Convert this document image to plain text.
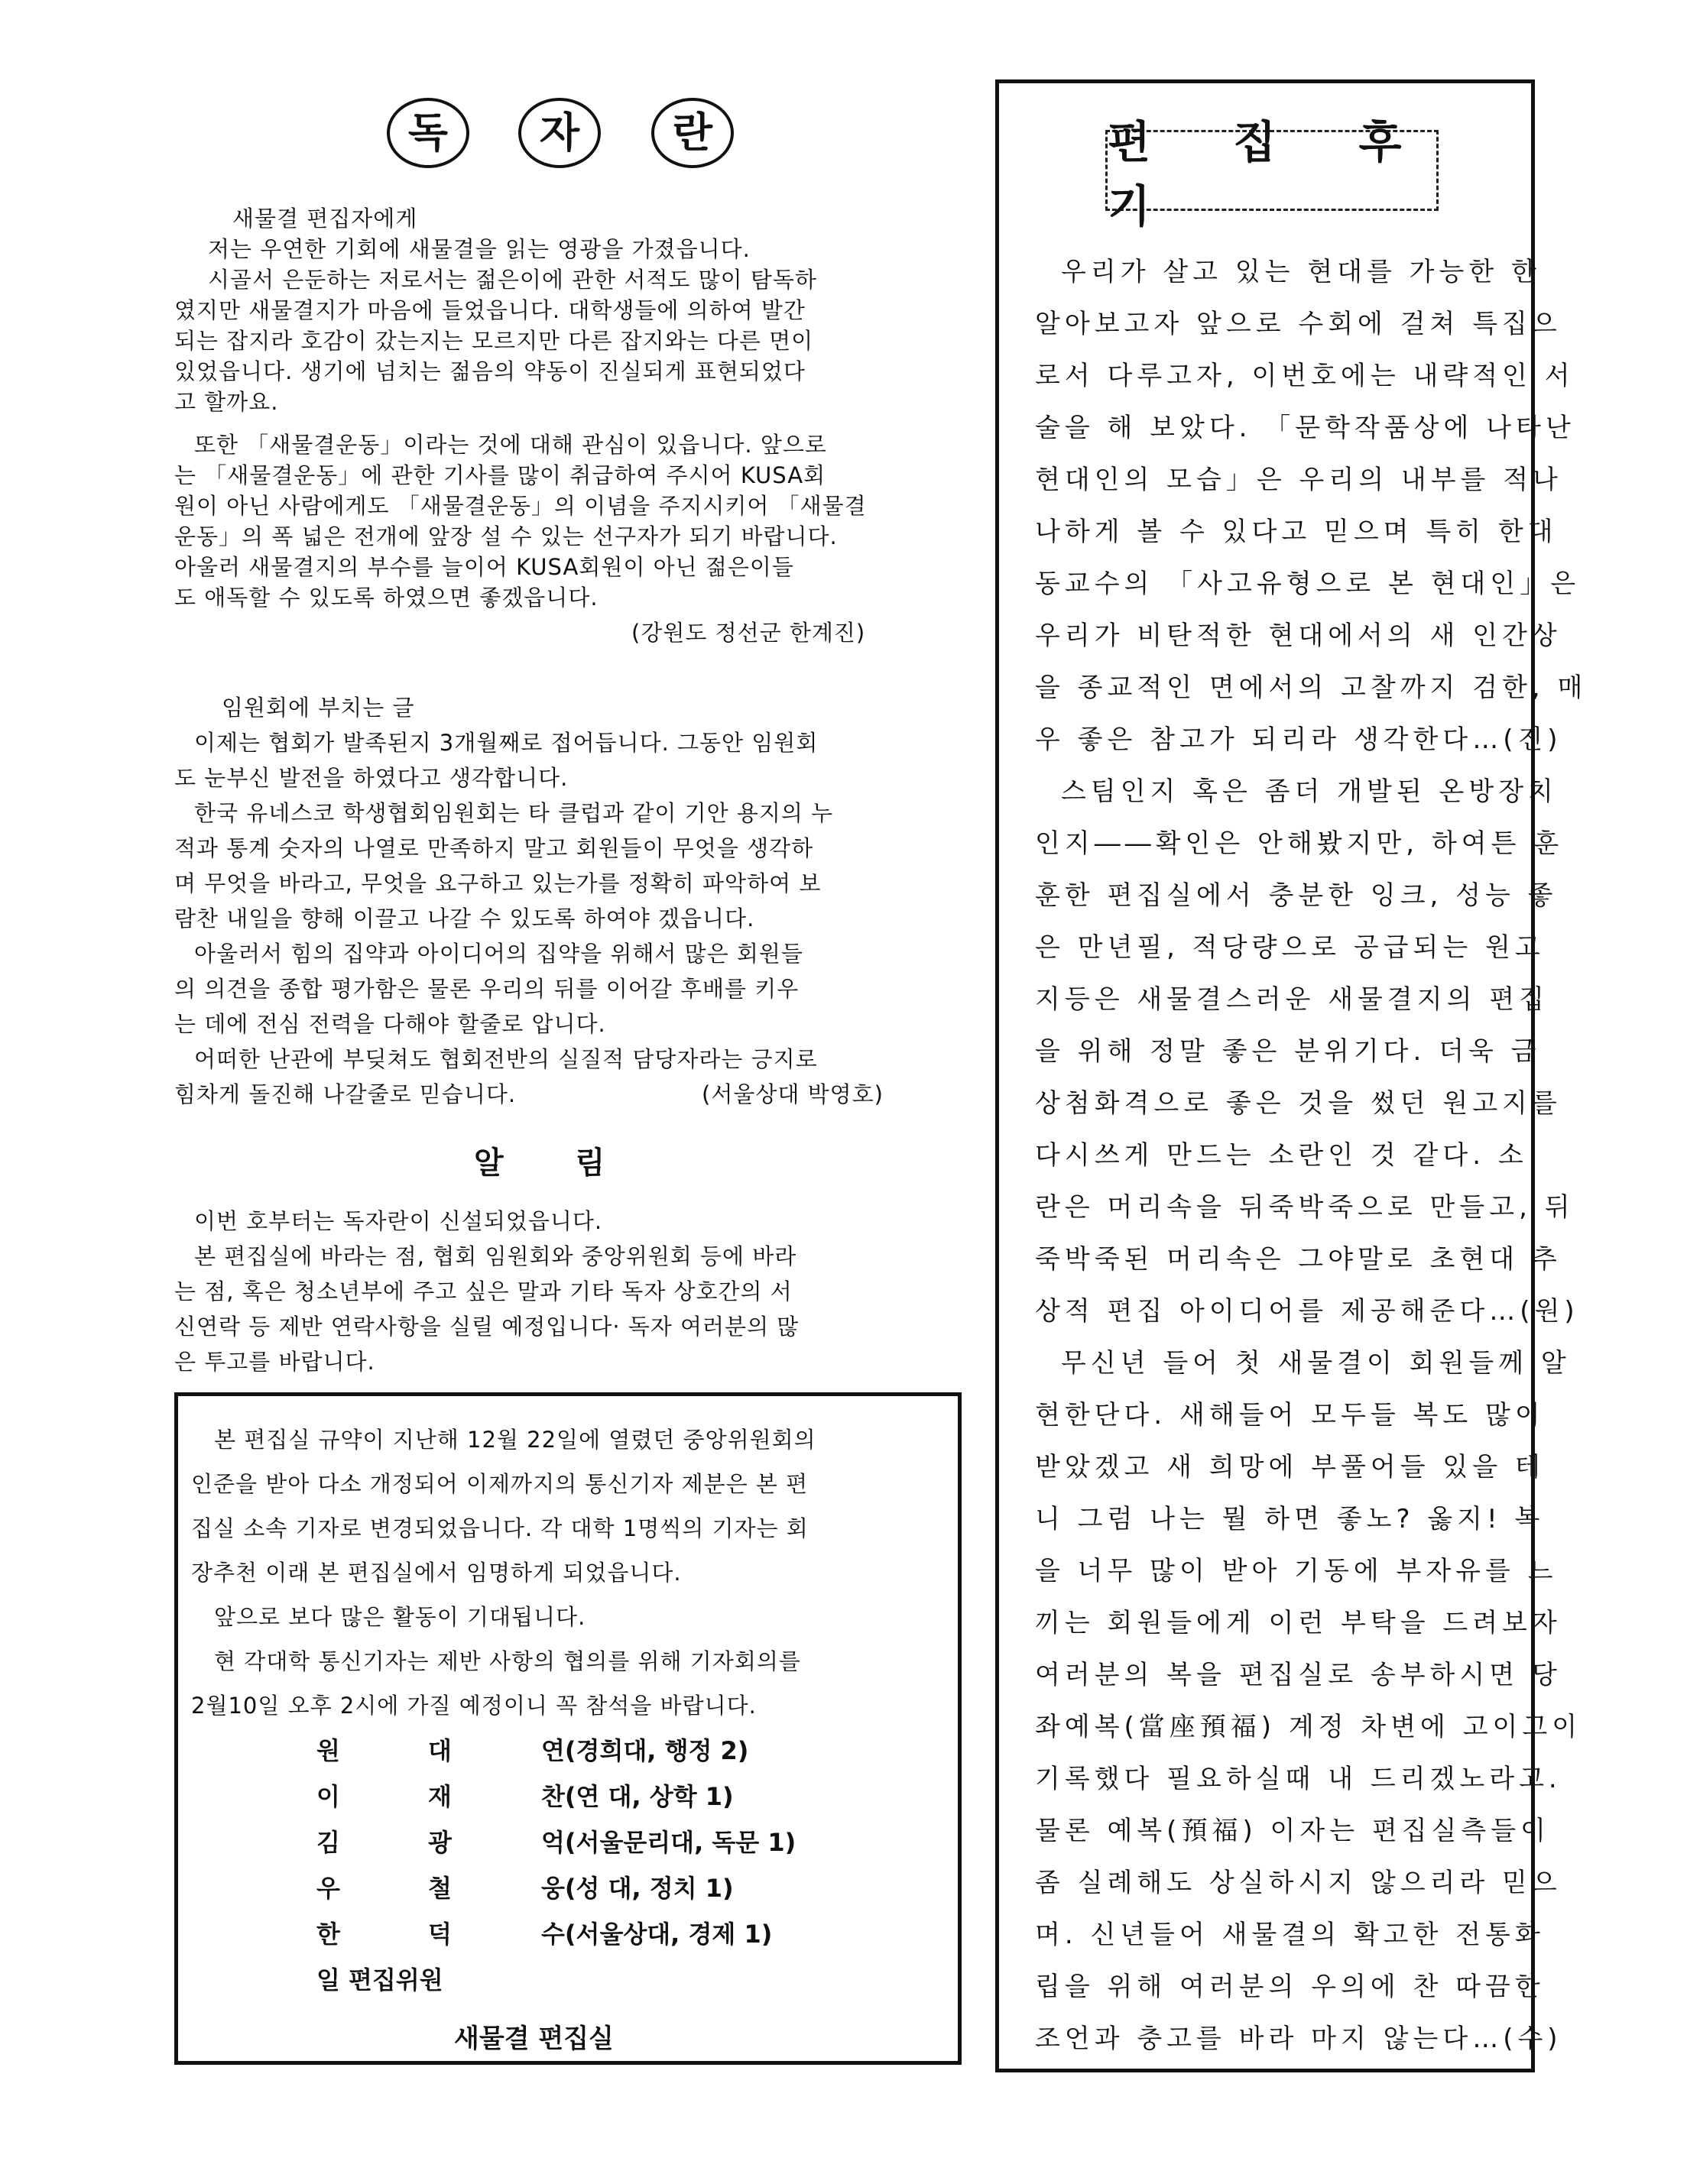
독	자	란
새물결 편집자에게
저는 우연한 기회에 새물결을 읽는 영광을 가졌읍니다.
시골서 은둔하는 저로서는 젊은이에 관한 서적도 많이 탐독하
였지만 새물결지가 마음에 들었읍니다. 대학생들에 의하여 발간
되는 잡지라 호감이 갔는지는 모르지만 다른 잡지와는 다른 면이
있었읍니다. 생기에 넘치는 젊음의 약동이 진실되게 표현되었다
고 할까요.
또한 「새물결운동」이라는 것에 대해 관심이 있읍니다. 앞으로
는 「새물결운동」에 관한 기사를 많이 취급하여 주시어 KUSA회
원이 아닌 사람에게도 「새물결운동」의 이념을 주지시키어 「새물결
운동」의 폭 넓은 전개에 앞장 설 수 있는 선구자가 되기 바랍니다.
아울러 새물결지의 부수를 늘이어 KUSA회원이 아닌 젊은이들
도 애독할 수 있도록 하였으면 좋겠읍니다.
(강원도 정선군 한계진)
임원회에 부치는 글
이제는 협회가 발족된지 3개월째로 접어듭니다. 그동안 임원회
도 눈부신 발전을 하였다고 생각합니다.
한국 유네스코 학생협회임원회는 타 클럽과 같이 기안 용지의 누
적과 통계 숫자의 나열로 만족하지 말고 회원들이 무엇을 생각하
며 무엇을 바라고, 무엇을 요구하고 있는가를 정확히 파악하여 보
람찬 내일을 향해 이끌고 나갈 수 있도록 하여야 겠읍니다.
아울러서 힘의 집약과 아이디어의 집약을 위해서 많은 회원들
의 의견을 종합 평가함은 물론 우리의 뒤를 이어갈 후배를 키우
는 데에 전심 전력을 다해야 할줄로 압니다.
어떠한 난관에 부딪쳐도 협회전반의 실질적 담당자라는 긍지로
힘차게 돌진해 나갈줄로 믿습니다.	(서울상대 박영호)
알 림
이번 호부터는 독자란이 신설되었읍니다.
본 편집실에 바라는 점, 협회 임원회와 중앙위원회 등에 바라
는 점, 혹은 청소년부에 주고 싶은 말과 기타 독자 상호간의 서
신연락 등 제반 연락사항을 실릴 예정입니다· 독자 여러분의 많
은 투고를 바랍니다.
본 편집실 규약이 지난해 12월 22일에 열렸던 중앙위원회의
인준을 받아 다소 개정되어 이제까지의 통신기자 제분은 본 편
집실 소속 기자로 변경되었읍니다. 각 대학 1명씩의 기자는 회
장추천 이래 본 편집실에서 임명하게 되었읍니다.
앞으로 보다 많은 활동이 기대됩니다.
현 각대학 통신기자는 제반 사항의 협의를 위해 기자회의를
2월10일 오후 2시에 가질 예정이니 꼭 참석을 바랍니다.
원	대	연(경희대, 행정 2)
이	재	찬(연 대, 상학 1)
김	광	억(서울문리대, 독문 1)
우	철	웅(성 대, 정치 1)
한	덕	수(서울상대, 경제 1)
일 편집위원
새물결 편집실
편 집 후 기
우리가 살고 있는 현대를 가능한 한
알아보고자 앞으로 수회에 걸쳐 특집으
로서 다루고자, 이번호에는 내략적인 서
술을 해 보았다. 「문학작품상에 나타난
현대인의 모습」은 우리의 내부를 적나
나하게 볼 수 있다고 믿으며 특히 한대
동교수의 「사고유형으로 본 현대인」은
우리가 비탄적한 현대에서의 새 인간상
을 종교적인 면에서의 고찰까지 검한, 매
우 좋은 참고가 되리라 생각한다…(진)
스팀인지 혹은 좀더 개발된 온방장치
인지――확인은 안해봤지만, 하여튼 훈
훈한 편집실에서 충분한 잉크, 성능 좋
은 만년필, 적당량으로 공급되는 원고
지등은 새물결스러운 새물결지의 편집
을 위해 정말 좋은 분위기다. 더욱 금
상첨화격으로 좋은 것을 썼던 원고지를
다시쓰게 만드는 소란인 것 같다. 소
란은 머리속을 뒤죽박죽으로 만들고, 뒤
죽박죽된 머리속은 그야말로 초현대 추
상적 편집 아이디어를 제공해준다…(원)
무신년 들어 첫 새물결이 회원들께 알
현한단다. 새해들어 모두들 복도 많이
받았겠고 새 희망에 부풀어들 있을 테
니 그럼 나는 뭘 하면 좋노? 옳지! 복
을 너무 많이 받아 기동에 부자유를 느
끼는 회원들에게 이런 부탁을 드려보자
여러분의 복을 편집실로 송부하시면 당
좌예복(當座預福) 계정 차변에 고이고이
기록했다 필요하실때 내 드리겠노라고.
물론 예복(預福) 이자는 편집실측들이
좀 실례해도 상실하시지 않으리라 믿으
며. 신년들어 새물결의 확고한 전통화
립을 위해 여러분의 우의에 찬 따끔한
조언과 충고를 바라 마지 않는다…(수)
